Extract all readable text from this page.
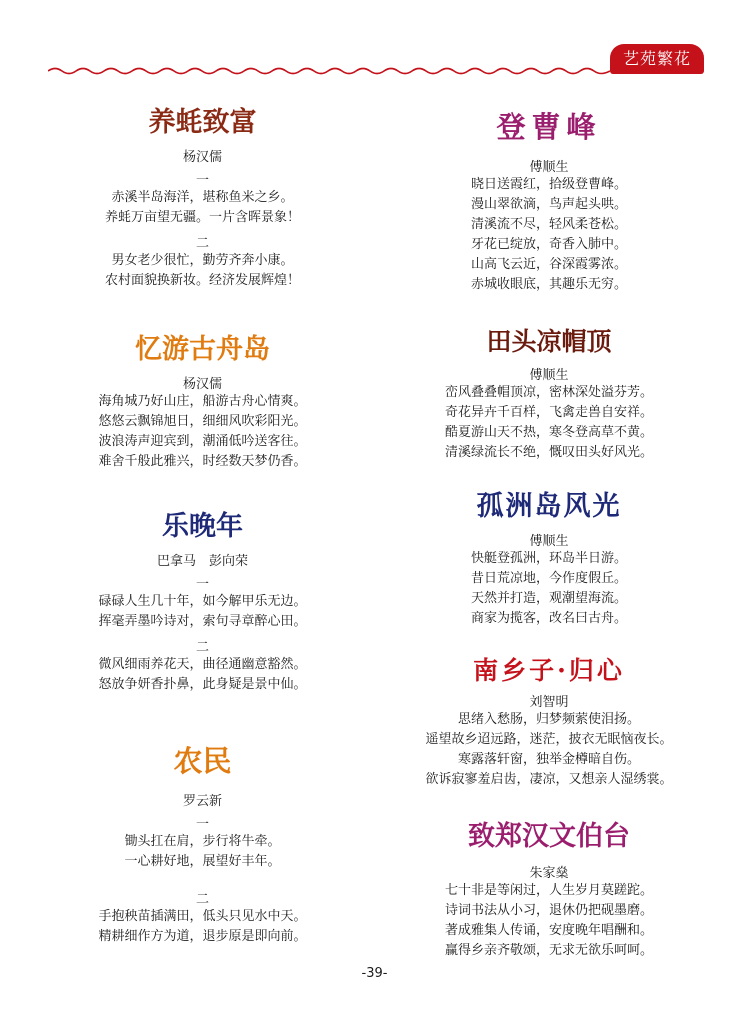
艺苑繁花
养蚝致富
杨汉儒
一
赤溪半岛海洋，堪称鱼米之乡。
养蚝万亩望无疆。一片含晖景象！
二
男女老少很忙，勤劳齐奔小康。
农村面貌换新妆。经济发展辉煌！
忆游古舟岛
杨汉儒
海角城乃好山庄，船游古舟心情爽。
悠悠云飘锦旭日，细细风吹彩阳光。
波浪涛声迎宾到，潮涌低吟送客往。
难舍千般此雅兴，时经数天梦仍香。
乐晚年
巴拿马　彭向荣
一
碌碌人生几十年，如今解甲乐无边。
挥毫弄墨吟诗对，索句寻章醉心田。
二
微风细雨养花天，曲径通幽意豁然。
怒放争妍香扑鼻，此身疑是景中仙。
农民
罗云新
一
锄头扛在肩，步行将牛牵。
一心耕好地，展望好丰年。
二
手抱秧苗插满田，低头只见水中天。
精耕细作方为道，退步原是即向前。
登曹峰
傅顺生
晓日送霞红，拾级登曹峰。
漫山翠欲滴，鸟声起头哄。
清溪流不尽，轻风柔苍松。
牙花已绽放，奇香入肺中。
山高飞云近，谷深霞雾浓。
赤城收眼底，其趣乐无穷。
田头凉帽顶
傅顺生
峦风叠叠帽顶凉，密林深处溢芬芳。
奇花异卉千百样，飞禽走兽自安祥。
酷夏游山天不热，寒冬登高草不黄。
清溪绿流长不绝，慨叹田头好风光。
孤洲岛风光
傅顺生
快艇登孤洲，环岛半日游。
昔日荒凉地，今作度假丘。
天然并打造，观潮望海流。
商家为揽客，改名曰古舟。
南乡子·归心
刘智明
思绪入愁肠，归梦频萦使泪扬。
遥望故乡迢远路，迷茫，披衣无眠恼夜长。
寒露落轩窗，独举金樽暗自伤。
欲诉寂寥羞启齿，凄凉，又想亲人湿绣裳。
致郑汉文伯台
朱家燊
七十非是等闲过，人生岁月莫蹉跎。
诗词书法从小习，退休仍把砚墨磨。
著成雅集人传诵，安度晚年唱酬和。
赢得乡亲齐敬颂，无求无欲乐呵呵。
-39-
